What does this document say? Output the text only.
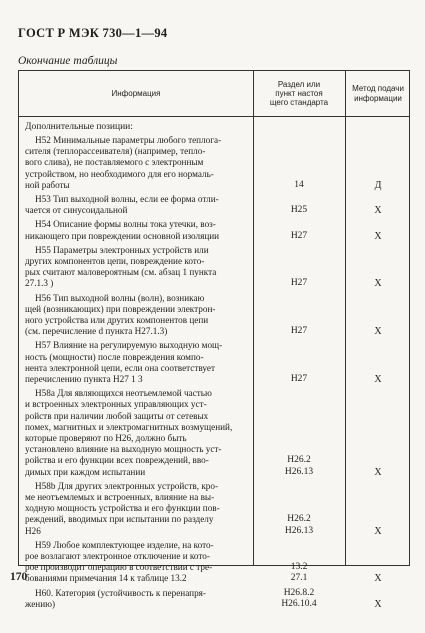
ГОСТ Р МЭК 730—1—94
Окончание таблицы
Информация
Раздел или
пункт настоя
щего стандарта
Метод подачи
информации
Дополнительные позиции:
Н52 Минимальные параметры любого теплога-
сителя (теплорассеивателя) (например, тепло-
вого слива), не поставляемого с электронным
устройством, но необходимого для его нормаль-
ной работы	14	Д
Н53 Тип выходной волны, если ее форма отли-
чается от синусоидальной	Н25	Х
Н54 Описание формы волны тока утечки, воз-
никающего при повреждении основной изоляции	Н27	Х
Н55 Параметры электронных устройств или
других компонентов цепи, повреждение кото-
рых считают маловероятным (см. абзац 1 пункта
27.1.3 )	Н27	Х
Н56 Тип выходной волны (волн), возникаю
щей (возникающих) при повреждении электрон-
ного устройства или других компонентов цепи
(см. перечисление d пункта Н27.1.3)	Н27	Х
Н57 Влияние на регулируемую выходную мощ-
ность (мощности) после повреждения компо-
нента электронной цепи, если она соответствует
перечислению пункта Н27 1 3	Н27	Х
Н58а Для являющихся неотъемлемой частью
и встроенных электронных управляющих уст-
ройств при наличии любой защиты от сетевых
помех, магнитных и электромагнитных возмущений,
которые проверяют по Н26, должно быть
установлено влияние на выходную мощность уст-
ройства и его функции всех повреждений, вво-
димых при каждом испытании
Н26.2
Н26.13	Х
Н58b Для других электронных устройств, кро-
ме неотъемлемых и встроенных, влияние на вы-
ходную мощность устройства и его функции пов-
реждений, вводимых при испытании по разделу
Н26
Н26.2
Н26.13	Х
Н59 Любое комплектующее изделие, на кото-
рое возлагают электронное отключение и кото-
рое производит операцию в соответствии с тре-
бованиями примечания 14 к таблице 13.2
13.2
27.1	Х
Н60. Категория (устойчивость к перенапря-
жению)
Н26.8.2
Н26.10.4	Х
170
